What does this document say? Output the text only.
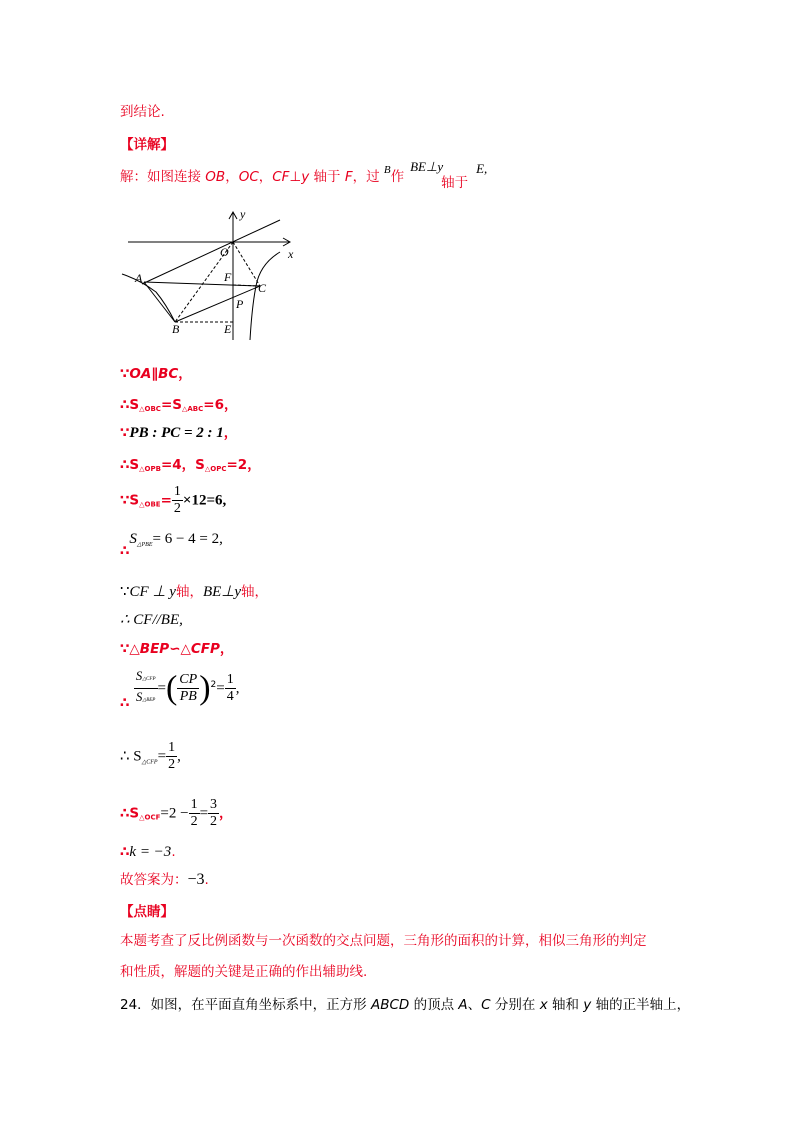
到结论.
【详解】
解：如图连接 OB，OC，CF⊥y 轴于 F，过 $^B$作BE⊥y轴于E,
y
x
O
A	F
C
P
B	E
∵OA∥BC，
$\therefore S_{\triangle OBC}=S_{\triangle ABC}=6$，
∵PB : PC = 2 : 1，
$\therefore S_{\triangle OPB}=4$，$S_{\triangle OPC}=2$，
$\because S_{\triangle OBE}= \frac{1}{2} \times 12=6$,
$\therefore S_{\triangle PBE}= 6 - 4 = 2$,
∵CF ⊥ y轴，BE⊥y轴，
∴ CF//BE,
∵△BEP∽△CFP，
∴ $\frac{\text{S△CFP}}{\text{S△BEP}}$ =( $\frac{CP}{PB} )^2= \frac{1}{4}$ ,
∴ $S_{\triangle CFP}= \frac{1}{2}$ ,
$\therefore S_{\triangle OCF}=2 - \frac{1}{2} = \frac{3}{2}$ ，
∴k = −3.
故答案为：−3.
【点睛】
本题考查了反比例函数与一次函数的交点问题，三角形的面积的计算，相似三角形的判定
和性质，解题的关键是正确的作出辅助线.
24．如图，在平面直角坐标系中，正方形 ABCD 的顶点 A、C 分别在 x 轴和 y 轴的正半轴上，
